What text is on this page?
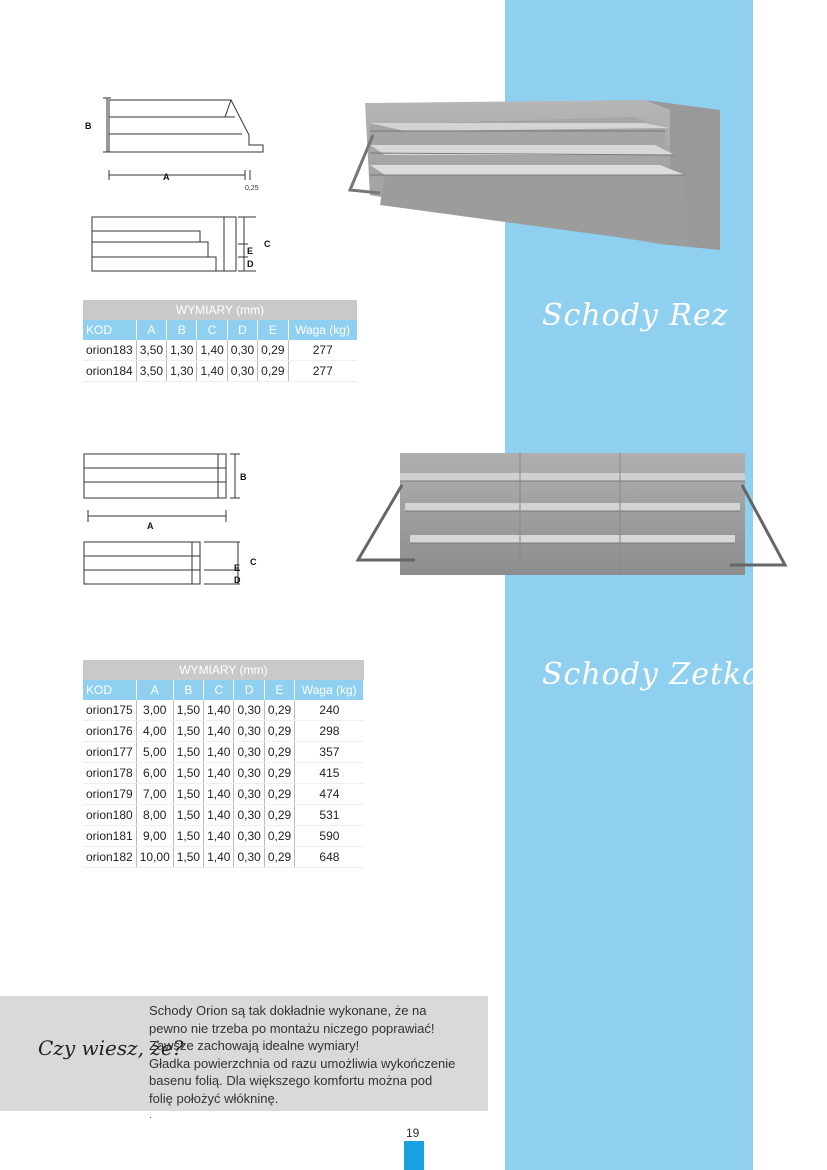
B
A
0,25
C
E
D
Schody Rez
WYMIARY (mm)						
KOD	A	B	C	D	E	Waga (kg)
orion183	3,50	1,30	1,40	0,30	0,29	277
orion184	3,50	1,30	1,40	0,30	0,29	277
B
A
C
E
D
Schody Zetka
WYMIARY (mm)						
KOD	A	B	C	D	E	Waga (kg)
orion175	3,00	1,50	1,40	0,30	0,29	240
orion176	4,00	1,50	1,40	0,30	0,29	298
orion177	5,00	1,50	1,40	0,30	0,29	357
orion178	6,00	1,50	1,40	0,30	0,29	415
orion179	7,00	1,50	1,40	0,30	0,29	474
orion180	8,00	1,50	1,40	0,30	0,29	531
orion181	9,00	1,50	1,40	0,30	0,29	590
orion182	10,00	1,50	1,40	0,30	0,29	648
Czy wiesz, że?
Schody Orion są tak dokładnie wykonane, że na
pewno nie trzeba po montażu niczego poprawiać!
Zawsze zachowają idealne wymiary!
Gładka powierzchnia od razu umożliwia wykończenie
basenu folią. Dla większego komfortu można pod
folię położyć włókninę.
.
19
